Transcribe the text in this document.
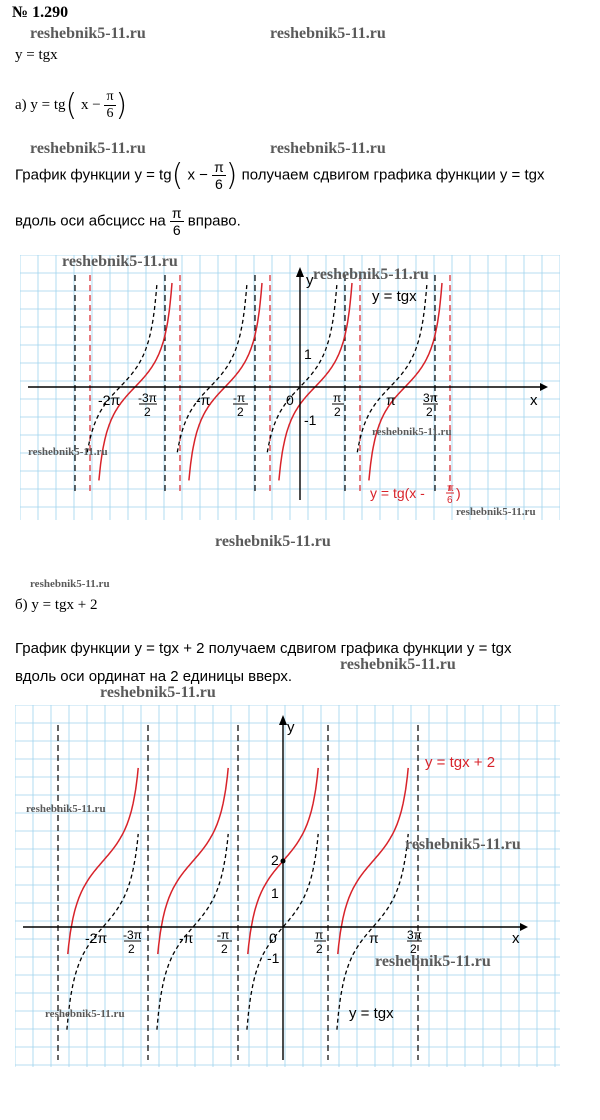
№ 1.290
reshebnik5-11.ru	reshebnik5-11.ru
y = tgx
а) y = tg( $x - \frac{\pi}{6}$ )
reshebnik5-11.ru	reshebnik5-11.ru
График функции y = tg( $x - \frac{\pi}{6}$ ) получаем сдвигом графика функции y = tgx
вдоль оси абсцисс на $\frac{\pi}{6}$ вправо.
x
y
-2π -3π
2
-π -π
2
0	π
2
π 3π
2
1
-1
y = tgx
y = tg(x - π
6 )
reshebnik5-11.ru
reshebnik5-11.ru
reshebnik5-11.ru
reshebnik5-11.ru
reshebnik5-11.ru
reshebnik5-11.ru
reshebnik5-11.ru
б) y = tgx + 2
График функции y = tgx + 2 получаем сдвигом графика функции y = tgx
reshebnik5-11.ru
вдоль оси ординат на 2 единицы вверх.
reshebnik5-11.ru
x
y
-2π -3π
2
-π -π
2
0	π
2
π 3π
2
1
2
-1
y = tgx + 2
y = tgx
reshebnik5-11.ru
reshebnik5-11.ru
reshebnik5-11.ru
reshebnik5-11.ru
